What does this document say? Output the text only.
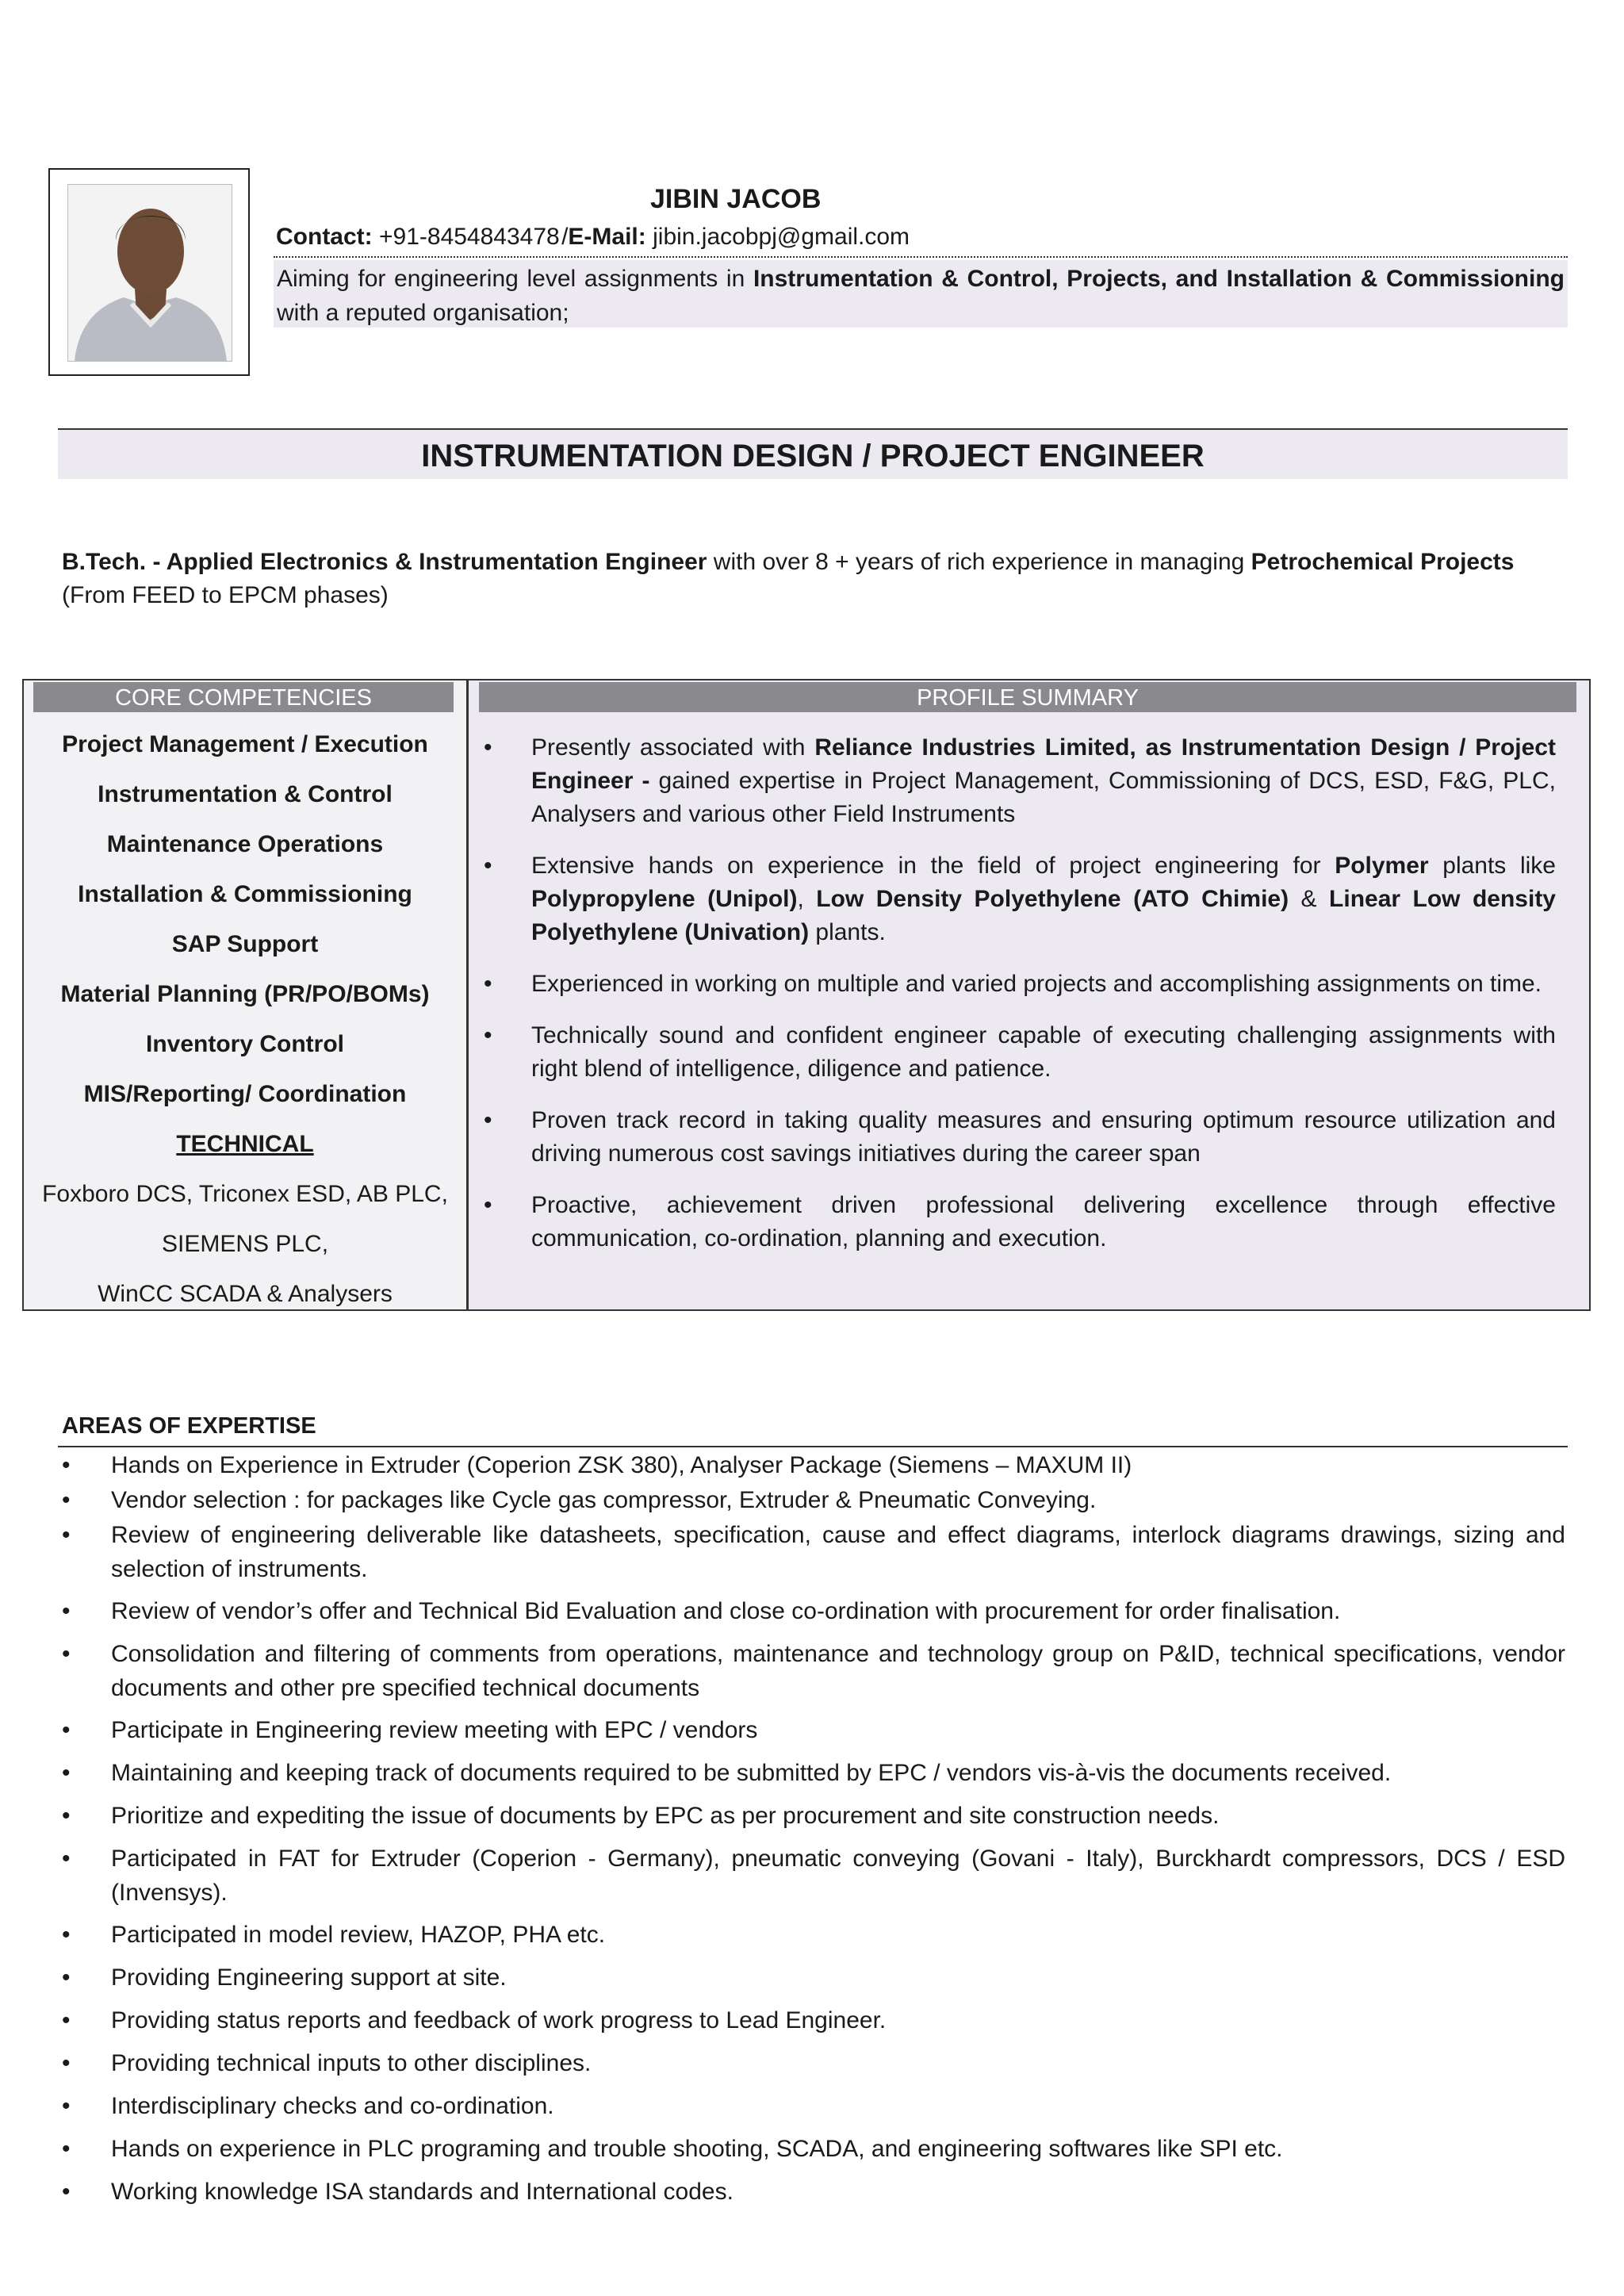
JIBIN JACOB
Contact: +91-8454843478 /E-Mail: jibin.jacobpj@gmail.com
Aiming for engineering level assignments in Instrumentation & Control, Projects, and Installation & Commissioning with a reputed organisation;
INSTRUMENTATION DESIGN / PROJECT ENGINEER
B.Tech. - Applied Electronics & Instrumentation Engineer with over 8 + years of rich experience in managing Petrochemical Projects (From FEED to EPCM phases)
CORE COMPETENCIES	PROFILE SUMMARY
Project Management / Execution
Instrumentation & Control
Maintenance Operations
Installation & Commissioning
SAP Support
Material Planning (PR/PO/BOMs)
Inventory Control
MIS/Reporting/ Coordination
TECHNICAL
Foxboro DCS, Triconex ESD, AB PLC,
SIEMENS PLC,
WinCC SCADA & Analysers
• Presently associated with Reliance Industries Limited, as Instrumentation Design / Project Engineer - gained expertise in Project Management, Commissioning of DCS, ESD, F&G, PLC, Analysers and various other Field Instruments
• Extensive hands on experience in the field of project engineering for Polymer plants like Polypropylene (Unipol), Low Density Polyethylene (ATO Chimie) & Linear Low density Polyethylene (Univation) plants.
• Experienced in working on multiple and varied projects and accomplishing assignments on time.
• Technically sound and confident engineer capable of executing challenging assignments with right blend of intelligence, diligence and patience.
• Proven track record in taking quality measures and ensuring optimum resource utilization and driving numerous cost savings initiatives during the career span
• Proactive, achievement driven professional delivering excellence through effective communication, co-ordination, planning and execution.
AREAS OF EXPERTISE
• Hands on Experience in Extruder (Coperion ZSK 380), Analyser Package (Siemens – MAXUM II)
• Vendor selection : for packages like Cycle gas compressor, Extruder & Pneumatic Conveying.
• Review of engineering deliverable like datasheets, specification, cause and effect diagrams, interlock diagrams drawings, sizing and selection of instruments.
• Review of vendor’s offer and Technical Bid Evaluation and close co-ordination with procurement for order finalisation.
• Consolidation and filtering of comments from operations, maintenance and technology group on P&ID, technical specifications, vendor documents and other pre specified technical documents
• Participate in Engineering review meeting with EPC / vendors
• Maintaining and keeping track of documents required to be submitted by EPC / vendors vis-à-vis the documents received.
• Prioritize and expediting the issue of documents by EPC as per procurement and site construction needs.
• Participated in FAT for Extruder (Coperion - Germany), pneumatic conveying (Govani - Italy), Burckhardt compressors, DCS / ESD (Invensys).
• Participated in model review, HAZOP, PHA etc.
• Providing Engineering support at site.
• Providing status reports and feedback of work progress to Lead Engineer.
• Providing technical inputs to other disciplines.
• Interdisciplinary checks and co-ordination.
• Hands on experience in PLC programing and trouble shooting, SCADA, and engineering softwares like SPI etc.
• Working knowledge ISA standards and International codes.
